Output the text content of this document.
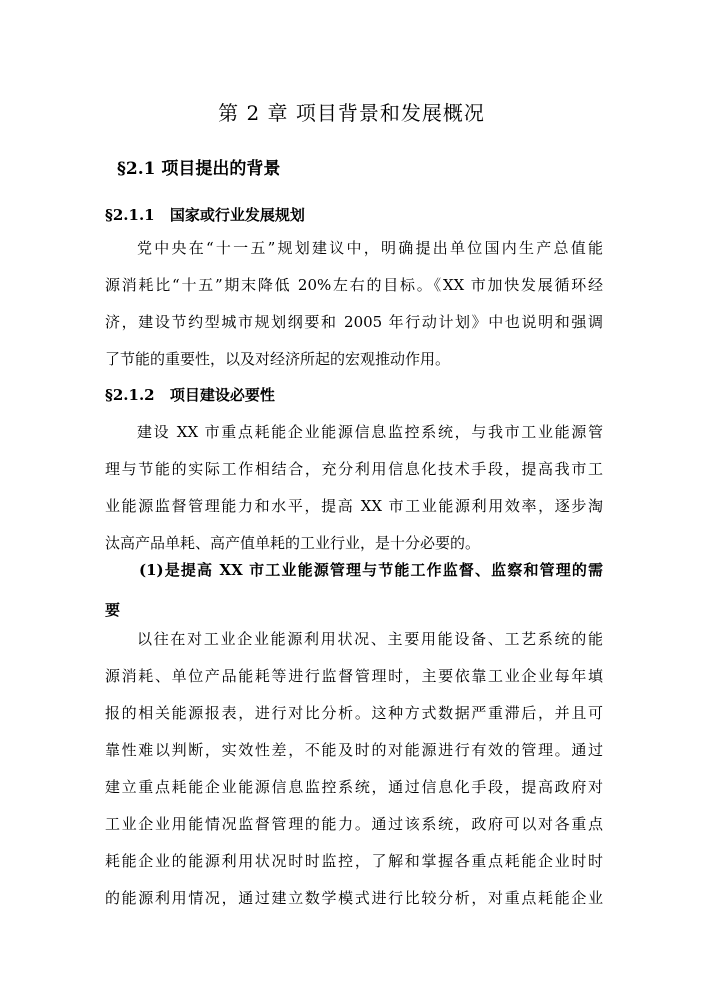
第 2 章 项目背景和发展概况
§2.1 项目提出的背景
§2.1.1 国家或行业发展规划
党中央在“十一五”规划建议中，明确提出单位国内生产总值能
源消耗比“十五”期末降低 20%左右的目标。《XX 市加快发展循环经
济，建设节约型城市规划纲要和 2005 年行动计划》中也说明和强调
了节能的重要性，以及对经济所起的宏观推动作用。
§2.1.2 项目建设必要性
建设 XX 市重点耗能企业能源信息监控系统，与我市工业能源管
理与节能的实际工作相结合，充分利用信息化技术手段，提高我市工
业能源监督管理能力和水平，提高 XX 市工业能源利用效率，逐步淘
汰高产品单耗、高产值单耗的工业行业，是十分必要的。
(1)是提高 XX 市工业能源管理与节能工作监督、监察和管理的需
要
以往在对工业企业能源利用状况、主要用能设备、工艺系统的能
源消耗、单位产品能耗等进行监督管理时，主要依靠工业企业每年填
报的相关能源报表，进行对比分析。这种方式数据严重滞后，并且可
靠性难以判断，实效性差，不能及时的对能源进行有效的管理。通过
建立重点耗能企业能源信息监控系统，通过信息化手段，提高政府对
工业企业用能情况监督管理的能力。通过该系统，政府可以对各重点
耗能企业的能源利用状况时时监控，了解和掌握各重点耗能企业时时
的能源利用情况，通过建立数学模式进行比较分析，对重点耗能企业
